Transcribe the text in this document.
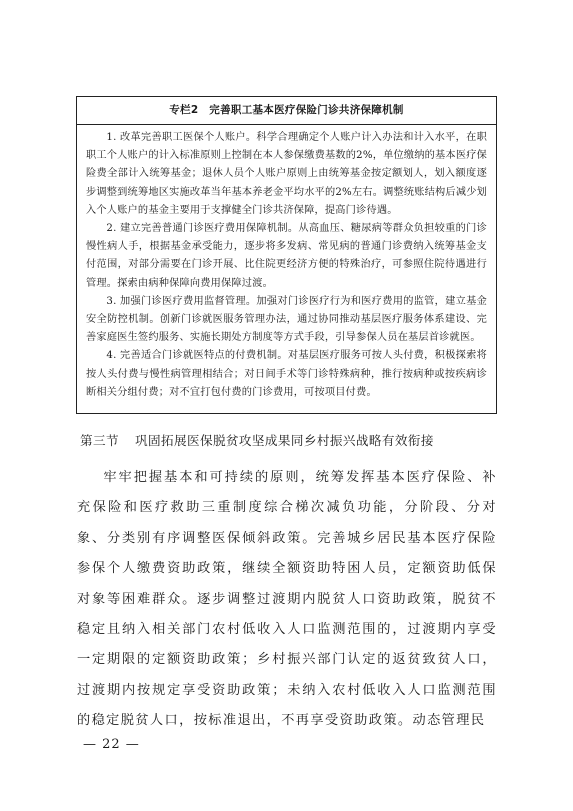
专栏2　完善职工基本医疗保险门诊共济保障机制

1. 改革完善职工医保个人账户。科学合理确定个人账户计入办法和计入水平，在职职工个人账户的计入标准原则上控制在本人参保缴费基数的2%，单位缴纳的基本医疗保险费全部计入统筹基金；退休人员个人账户原则上由统筹基金按定额划人，划入额度逐步调整到统筹地区实施改革当年基本养老金平均水平的2%左右。调整统账结构后减少划入个人账户的基金主要用于支撑健全门诊共济保障，提高门诊待遇。

2. 建立完善普通门诊医疗费用保障机制。从高血压、糖尿病等群众负担较重的门诊慢性病人手，根据基金承受能力，逐步将多发病、常见病的普通门诊费纳入统筹基金支付范围，对部分需要在门诊开展、比住院更经济方便的特殊治疗，可参照住院待遇进行管理。探索由病种保障向费用保障过渡。

3. 加强门诊医疗费用监督管理。加强对门诊医疗行为和医疗费用的监管，建立基金安全防控机制。创新门诊就医服务管理办法，通过协同推动基层医疗服务体系建设、完善家庭医生签约服务、实施长期处方制度等方式手段，引导参保人员在基层首诊就医。

4. 完善适合门诊就医特点的付费机制。对基层医疗服务可按人头付费，积极探索将按人头付费与慢性病管理相结合；对日间手术等门诊特殊病种，推行按病种或按疾病诊断相关分组付费；对不宜打包付费的门诊费用，可按项目付费。

第三节 巩固拓展医保脱贫攻坚成果同乡村振兴战略有效衔接

牢牢把握基本和可持续的原则，统筹发挥基本医疗保险、补充保险和医疗救助三重制度综合梯次减负功能，分阶段、分对象、分类别有序调整医保倾斜政策。完善城乡居民基本医疗保险参保个人缴费资助政策，继续全额资助特困人员，定额资助低保对象等困难群众。逐步调整过渡期内脱贫人口资助政策，脱贫不稳定且纳入相关部门农村低收入人口监测范围的，过渡期内享受一定期限的定额资助政策；乡村振兴部门认定的返贫致贫人口，过渡期内按规定享受资助政策；未纳入农村低收入人口监测范围的稳定脱贫人口，按标准退出，不再享受资助政策。动态管理民

— 22 —
